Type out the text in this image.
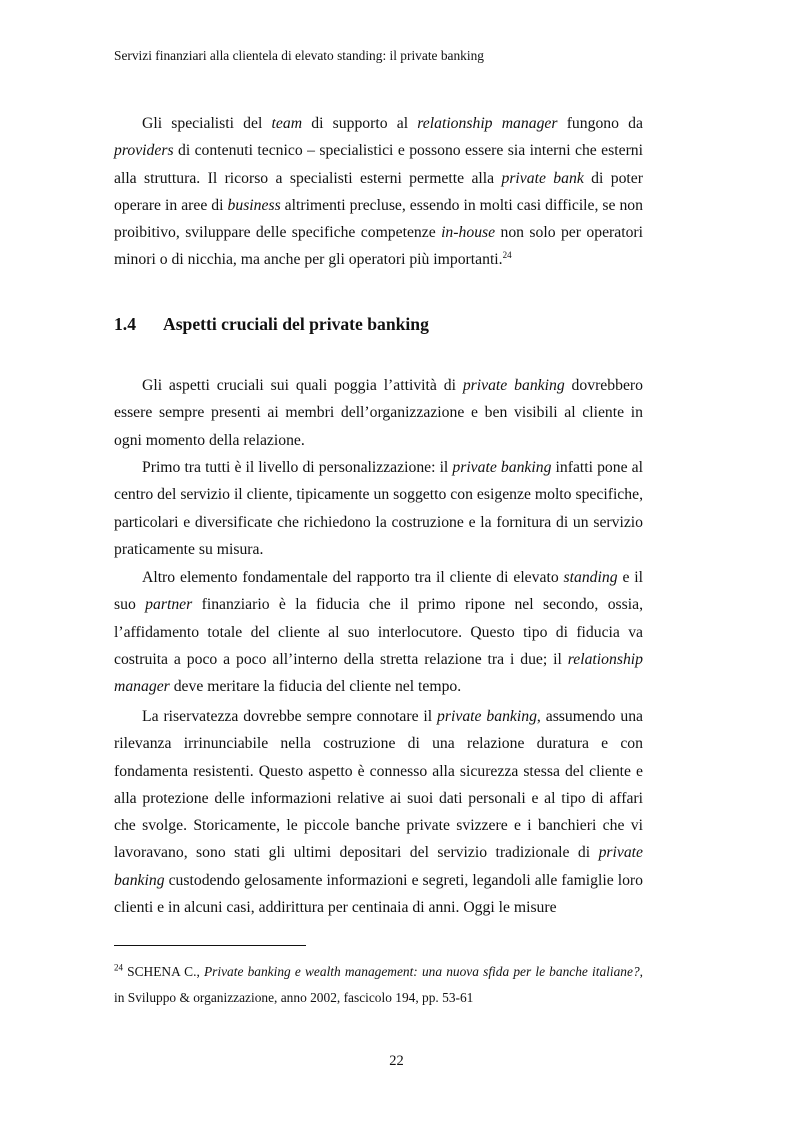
Servizi finanziari alla clientela di elevato standing: il private banking

Gli specialisti del team di supporto al relationship manager fungono da providers di contenuti tecnico – specialistici e possono essere sia interni che esterni alla struttura. Il ricorso a specialisti esterni permette alla private bank di poter operare in aree di business altrimenti precluse, essendo in molti casi difficile, se non proibitivo, sviluppare delle specifiche competenze in-house non solo per operatori minori o di nicchia, ma anche per gli operatori più importanti.$^{24}$

1.4 Aspetti cruciali del private banking

Gli aspetti cruciali sui quali poggia l’attività di private banking dovrebbero essere sempre presenti ai membri dell’organizzazione e ben visibili al cliente in ogni momento della relazione.

Primo tra tutti è il livello di personalizzazione: il private banking infatti pone al centro del servizio il cliente, tipicamente un soggetto con esigenze molto specifiche, particolari e diversificate che richiedono la costruzione e la fornitura di un servizio praticamente su misura.

Altro elemento fondamentale del rapporto tra il cliente di elevato standing e il suo partner finanziario è la fiducia che il primo ripone nel secondo, ossia, l’affidamento totale del cliente al suo interlocutore. Questo tipo di fiducia va costruita a poco a poco all’interno della stretta relazione tra i due; il relationship manager deve meritare la fiducia del cliente nel tempo.

La riservatezza dovrebbe sempre connotare il private banking, assumendo una rilevanza irrinunciabile nella costruzione di una relazione duratura e con fondamenta resistenti. Questo aspetto è connesso alla sicurezza stessa del cliente e alla protezione delle informazioni relative ai suoi dati personali e al tipo di affari che svolge. Storicamente, le piccole banche private svizzere e i banchieri che vi lavoravano, sono stati gli ultimi depositari del servizio tradizionale di private banking custodendo gelosamente informazioni e segreti, legandoli alle famiglie loro clienti e in alcuni casi, addirittura per centinaia di anni. Oggi le misure

$^{24}$ SCHENA C., Private banking e wealth management: una nuova sfida per le banche italiane?, in Sviluppo & organizzazione, anno 2002, fascicolo 194, pp. 53-61

22
